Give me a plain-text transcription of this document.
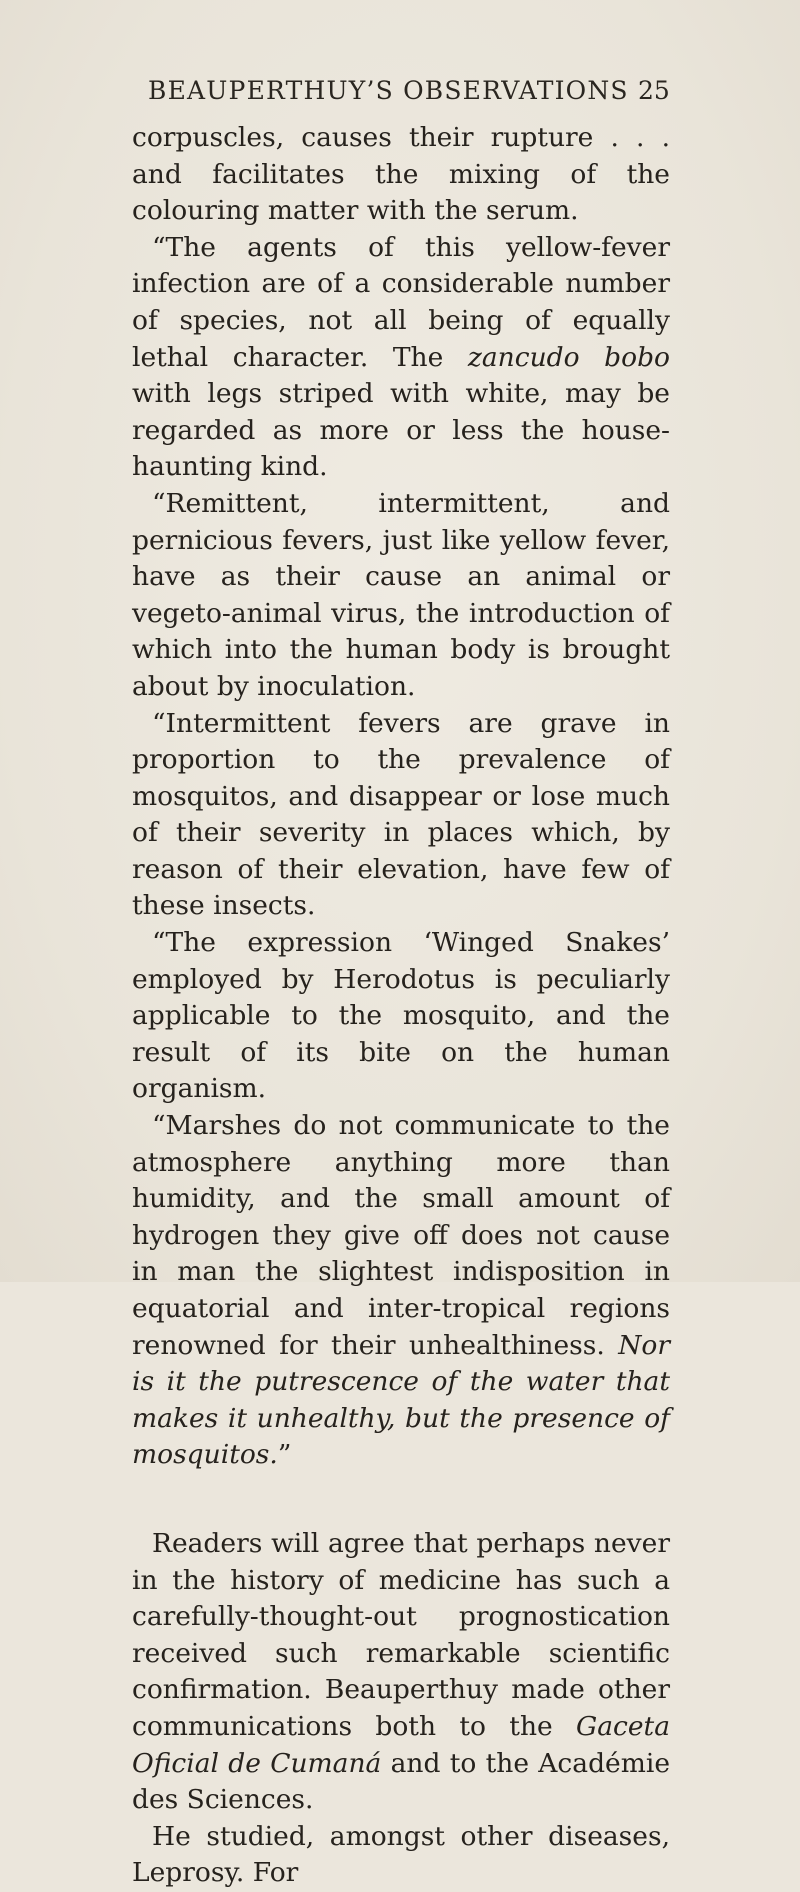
BEAUPERTHUY’S OBSERVATIONS 25

corpuscles, causes their rupture . . . and facilitates the mixing of the colouring matter with the serum.

“The agents of this yellow-fever infection are of a considerable number of species, not all being of equally lethal character. The zancudo bobo with legs striped with white, may be regarded as more or less the house-haunting kind.

“Remittent, intermittent, and pernicious fevers, just like yellow fever, have as their cause an animal or vegeto-animal virus, the introduction of which into the human body is brought about by inoculation.

“Intermittent fevers are grave in proportion to the prevalence of mosquitos, and disappear or lose much of their severity in places which, by reason of their elevation, have few of these insects.

“The expression ‘Winged Snakes’ employed by Herodotus is peculiarly applicable to the mosquito, and the result of its bite on the human organism.

“Marshes do not communicate to the atmosphere anything more than humidity, and the small amount of hydrogen they give off does not cause in man the slightest indisposition in equatorial and inter-tropical regions renowned for their unhealthiness. Nor is it the putrescence of the water that makes it unhealthy, but the presence of mosquitos.”

Readers will agree that perhaps never in the history of medicine has such a carefully-thought-out prognostication received such remarkable scientific confirmation. Beauperthuy made other communications both to the Gaceta Oficial de Cumaná and to the Académie des Sciences.

He studied, amongst other diseases, Leprosy. For
